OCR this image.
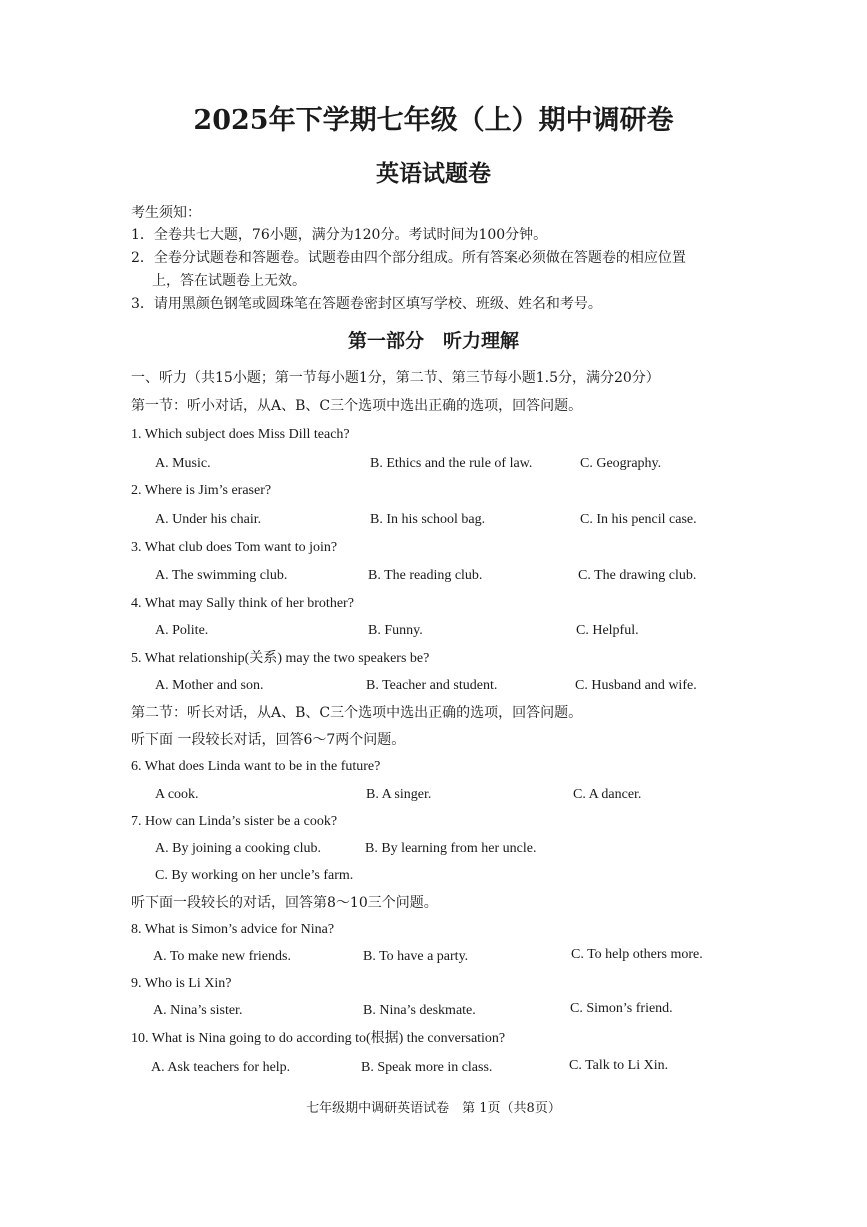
2025年下学期七年级（上）期中调研卷
英语试题卷
考生须知：
1．全卷共七大题，76小题，满分为120分。考试时间为100分钟。
2．全卷分试题卷和答题卷。试题卷由四个部分组成。所有答案必须做在答题卷的相应位置
上，答在试题卷上无效。
3．请用黑颜色钢笔或圆珠笔在答题卷密封区填写学校、班级、姓名和考号。
第一部分　听力理解
一、听力（共15小题；第一节每小题1分，第二节、第三节每小题1.5分，满分20分）
第一节：听小对话，从A、B、C三个选项中选出正确的选项，回答问题。
1. Which subject does Miss Dill teach?
A. Music.	B. Ethics and the rule of law.	C. Geography.
2. Where is Jim’s eraser?
A. Under his chair.	B. In his school bag.	C. In his pencil case.
3. What club does Tom want to join?
A. The swimming club.	B. The reading club.	C. The drawing club.
4. What may Sally think of her brother?
A. Polite.	B. Funny.	C. Helpful.
5. What relationship(关系) may the two speakers be?
A. Mother and son.	B. Teacher and student.	C. Husband and wife.
第二节：听长对话，从A、B、C三个选项中选出正确的选项，回答问题。
听下面 一段较长对话，回答6～7两个问题。
6. What does Linda want to be in the future?
A cook.	B. A singer.	C. A dancer.
7. How can Linda’s sister be a cook?
A. By joining a cooking club.	B. By learning from her uncle.
C. By working on her uncle’s farm.
听下面一段较长的对话，回答第8～10三个问题。
8. What is Simon’s advice for Nina?
A. To make new friends.	B. To have a party.	C. To help others more.
9. Who is Li Xin?
A. Nina’s sister.	B. Nina’s deskmate.	C. Simon’s friend.
10. What is Nina going to do according to(根据) the conversation?
A. Ask teachers for help.	B. Speak more in class.	C. Talk to Li Xin.
七年级期中调研英语试卷　第 1页（共8页）
